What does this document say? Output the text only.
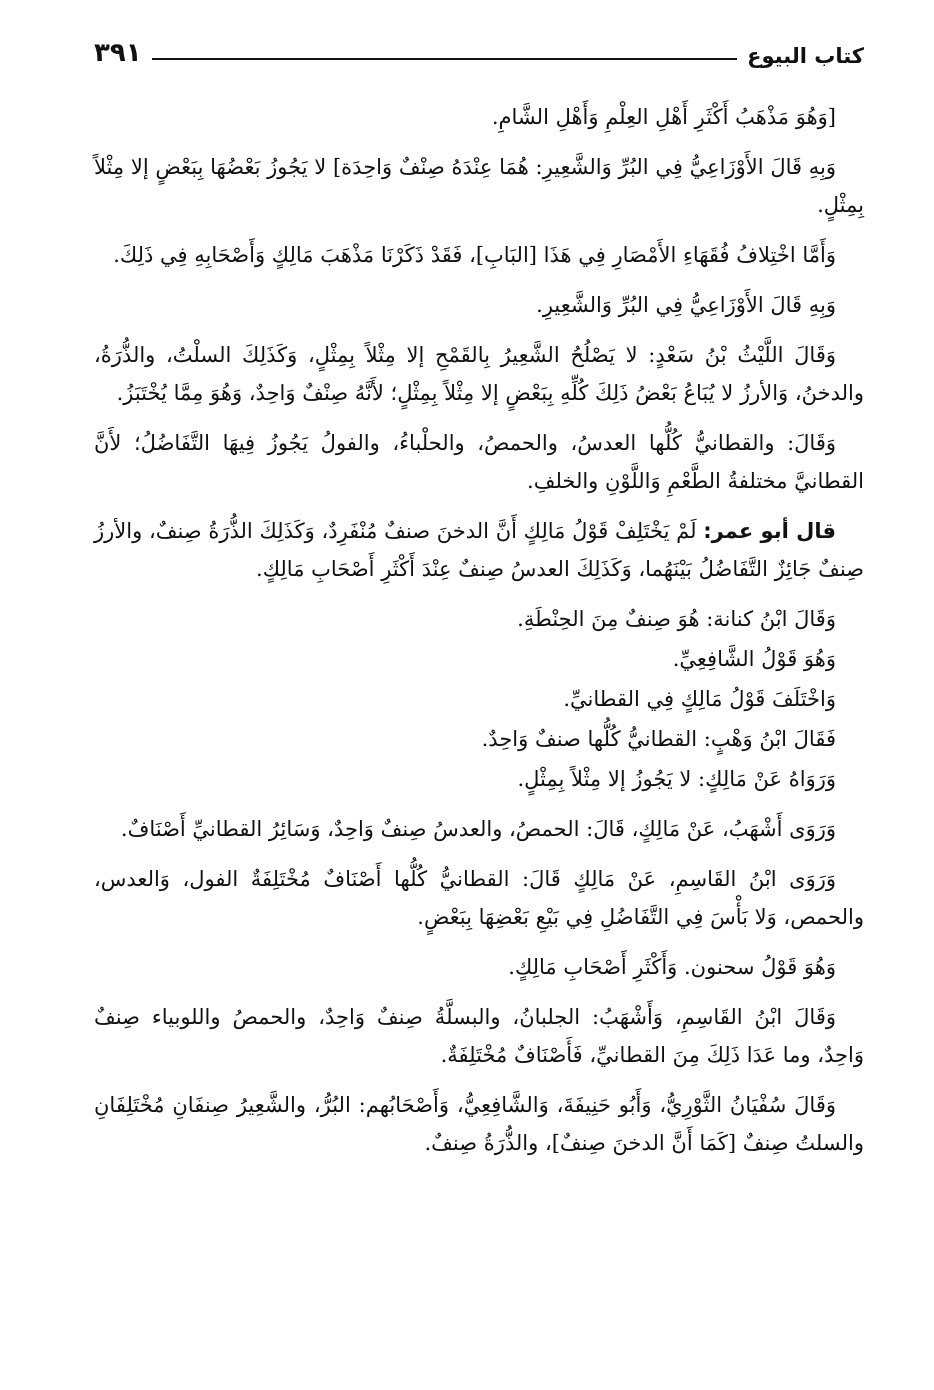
كتاب البيوع
٣٩١

[وَهُوَ مَذْهَبُ أَكْثَرِ أَهْلِ العِلْمِ وَأَهْلِ الشَّامِ.

وَبِهِ قَالَ الأَوْزَاعِيُّ فِي البُرِّ وَالشَّعِيرِ: هُمَا عِنْدَهُ صِنْفٌ وَاحِدَة] لا يَجُوزُ بَعْضُهَا بِبَعْضٍ إلا مِثْلاً بِمِثْلٍ.

وَأَمَّا اخْتِلافُ فُقَهَاءِ الأَمْصَارِ فِي هَذَا [البَابِ]، فَقَدْ ذَكَرْنَا مَذْهَبَ مَالِكٍ وَأَصْحَابِهِ فِي ذَلِكَ.

وَبِهِ قَالَ الأَوْزَاعِيُّ فِي البُرِّ وَالشَّعِيرِ.

وَقَالَ اللَّيْثُ بْنُ سَعْدٍ: لا يَصْلُحُ الشَّعِيرُ بِالقَمْحِ إلا مِثْلاً بِمِثْلٍ، وَكَذَلِكَ السلْتُ، والذُّرَةُ، والدخنُ، وَالأرزُ لا يُبَاعُ بَعْضُ ذَلِكَ كُلِّهِ بِبَعْضٍ إلا مِثْلاً بِمِثْلٍ؛ لأَنَّهُ صِنْفٌ وَاحِدٌ، وَهُوَ مِمَّا يُخْتَبَزُ.

وَقَالَ: والقطانيُّ كُلُّها العدسُ، والحمصُ، والحلْباءُ، والفولُ يَجُوزُ فِيهَا التَّفَاضُلُ؛ لأَنَّ القطانيَّ مختلفةُ الطَّعْمِ وَاللَّوْنِ والخلفِ.

قال أبو عمر: لَمْ يَخْتَلِفْ قَوْلُ مَالِكٍ أَنَّ الدخنَ صنفٌ مُنْفَرِدٌ، وَكَذَلِكَ الذُّرَةُ صِنفٌ، والأرزُ صِنفٌ جَائِزٌ التَّفَاضُلُ بَيْنَهُما، وَكَذَلِكَ العدسُ صِنفٌ عِنْدَ أَكْثَرِ أَصْحَابِ مَالِكٍ.

وَقَالَ ابْنُ كنانة: هُوَ صِنفٌ مِنَ الحِنْطَةِ.

وَهُوَ قَوْلُ الشَّافِعِيِّ.

وَاخْتَلَفَ قَوْلُ مَالِكٍ فِي القطانيِّ.

فَقَالَ ابْنُ وَهْبٍ: القطانيُّ كُلُّها صنفٌ وَاحِدٌ.

وَرَوَاهُ عَنْ مَالِكٍ: لا يَجُوزُ إلا مِثْلاً بِمِثْلٍ.

وَرَوَى أَشْهَبُ، عَنْ مَالِكٍ، قَالَ: الحمصُ، والعدسُ صِنفٌ وَاحِدٌ، وَسَائِرُ القطانيِّ أَصْنَافٌ.

وَرَوَى ابْنُ القَاسِمِ، عَنْ مَالِكٍ قَالَ: القطانيُّ كُلُّها أَصْنَافٌ مُخْتَلِفَةٌ الفول، وَالعدس، والحمص، وَلا بَأْسَ فِي التَّفَاضُلِ فِي بَيْعِ بَعْضِهَا بِبَعْضٍ.

وَهُوَ قَوْلُ سحنون. وَأَكْثَرِ أَصْحَابِ مَالِكٍ.

وَقَالَ ابْنُ القَاسِمِ، وَأَشْهَبُ: الجلبانُ، والبسلَّةُ صِنفٌ وَاحِدٌ، والحمصُ واللوبياء صِنفٌ وَاحِدٌ، وما عَدَا ذَلِكَ مِنَ القطانيِّ، فَأَصْنَافٌ مُخْتَلِفَةٌ.

وَقَالَ سُفْيَانُ الثَّوْرِيُّ، وَأَبُو حَنِيفَةَ، وَالشَّافِعِيُّ، وَأَصْحَابُهم: البُرُّ، والشَّعِيرُ صِنفَانِ مُخْتَلِفَانِ والسلتُ صِنفٌ [كَمَا أَنَّ الدخنَ صِنفٌ]، والذُّرَةُ صِنفٌ.
